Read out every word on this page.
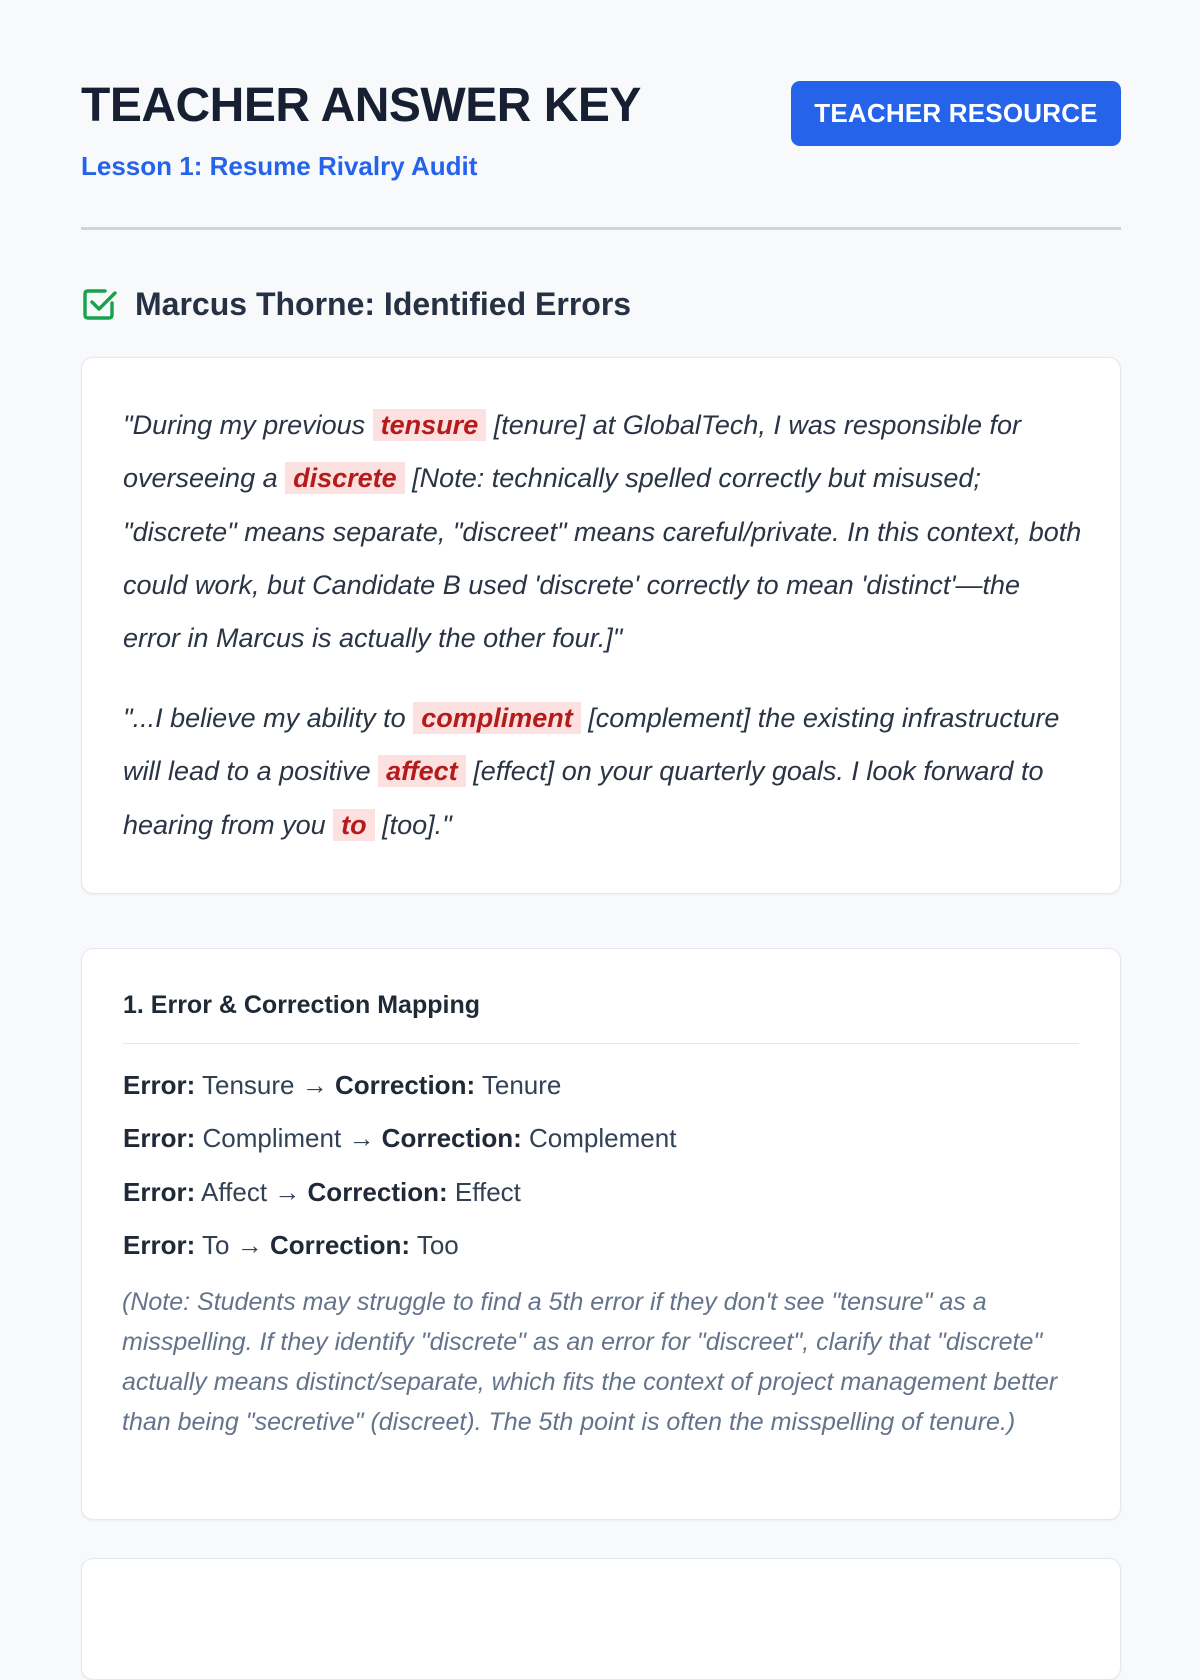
TEACHER ANSWER KEY
Lesson 1: Resume Rivalry Audit
TEACHER RESOURCE
Marcus Thorne: Identified Errors

"During my previous tensure [tenure] at GlobalTech, I was responsible for overseeing a discrete [Note: technically spelled correctly but misused; "discrete" means separate, "discreet" means careful/private. In this context, both could work, but Candidate B used 'discrete' correctly to mean 'distinct'—the error in Marcus is actually the other four.]"

"...I believe my ability to compliment [complement] the existing infrastructure will lead to a positive affect [effect] on your quarterly goals. I look forward to hearing from you to [too]."

1. Error & Correction Mapping
Error: Tensure → Correction: Tenure
Error: Compliment → Correction: Complement
Error: Affect → Correction: Effect
Error: To → Correction: Too

(Note: Students may struggle to find a 5th error if they don't see "tensure" as a misspelling. If they identify "discrete" as an error for "discreet", clarify that "discrete" actually means distinct/separate, which fits the context of project management better than being "secretive" (discreet). The 5th point is often the misspelling of tenure.)
